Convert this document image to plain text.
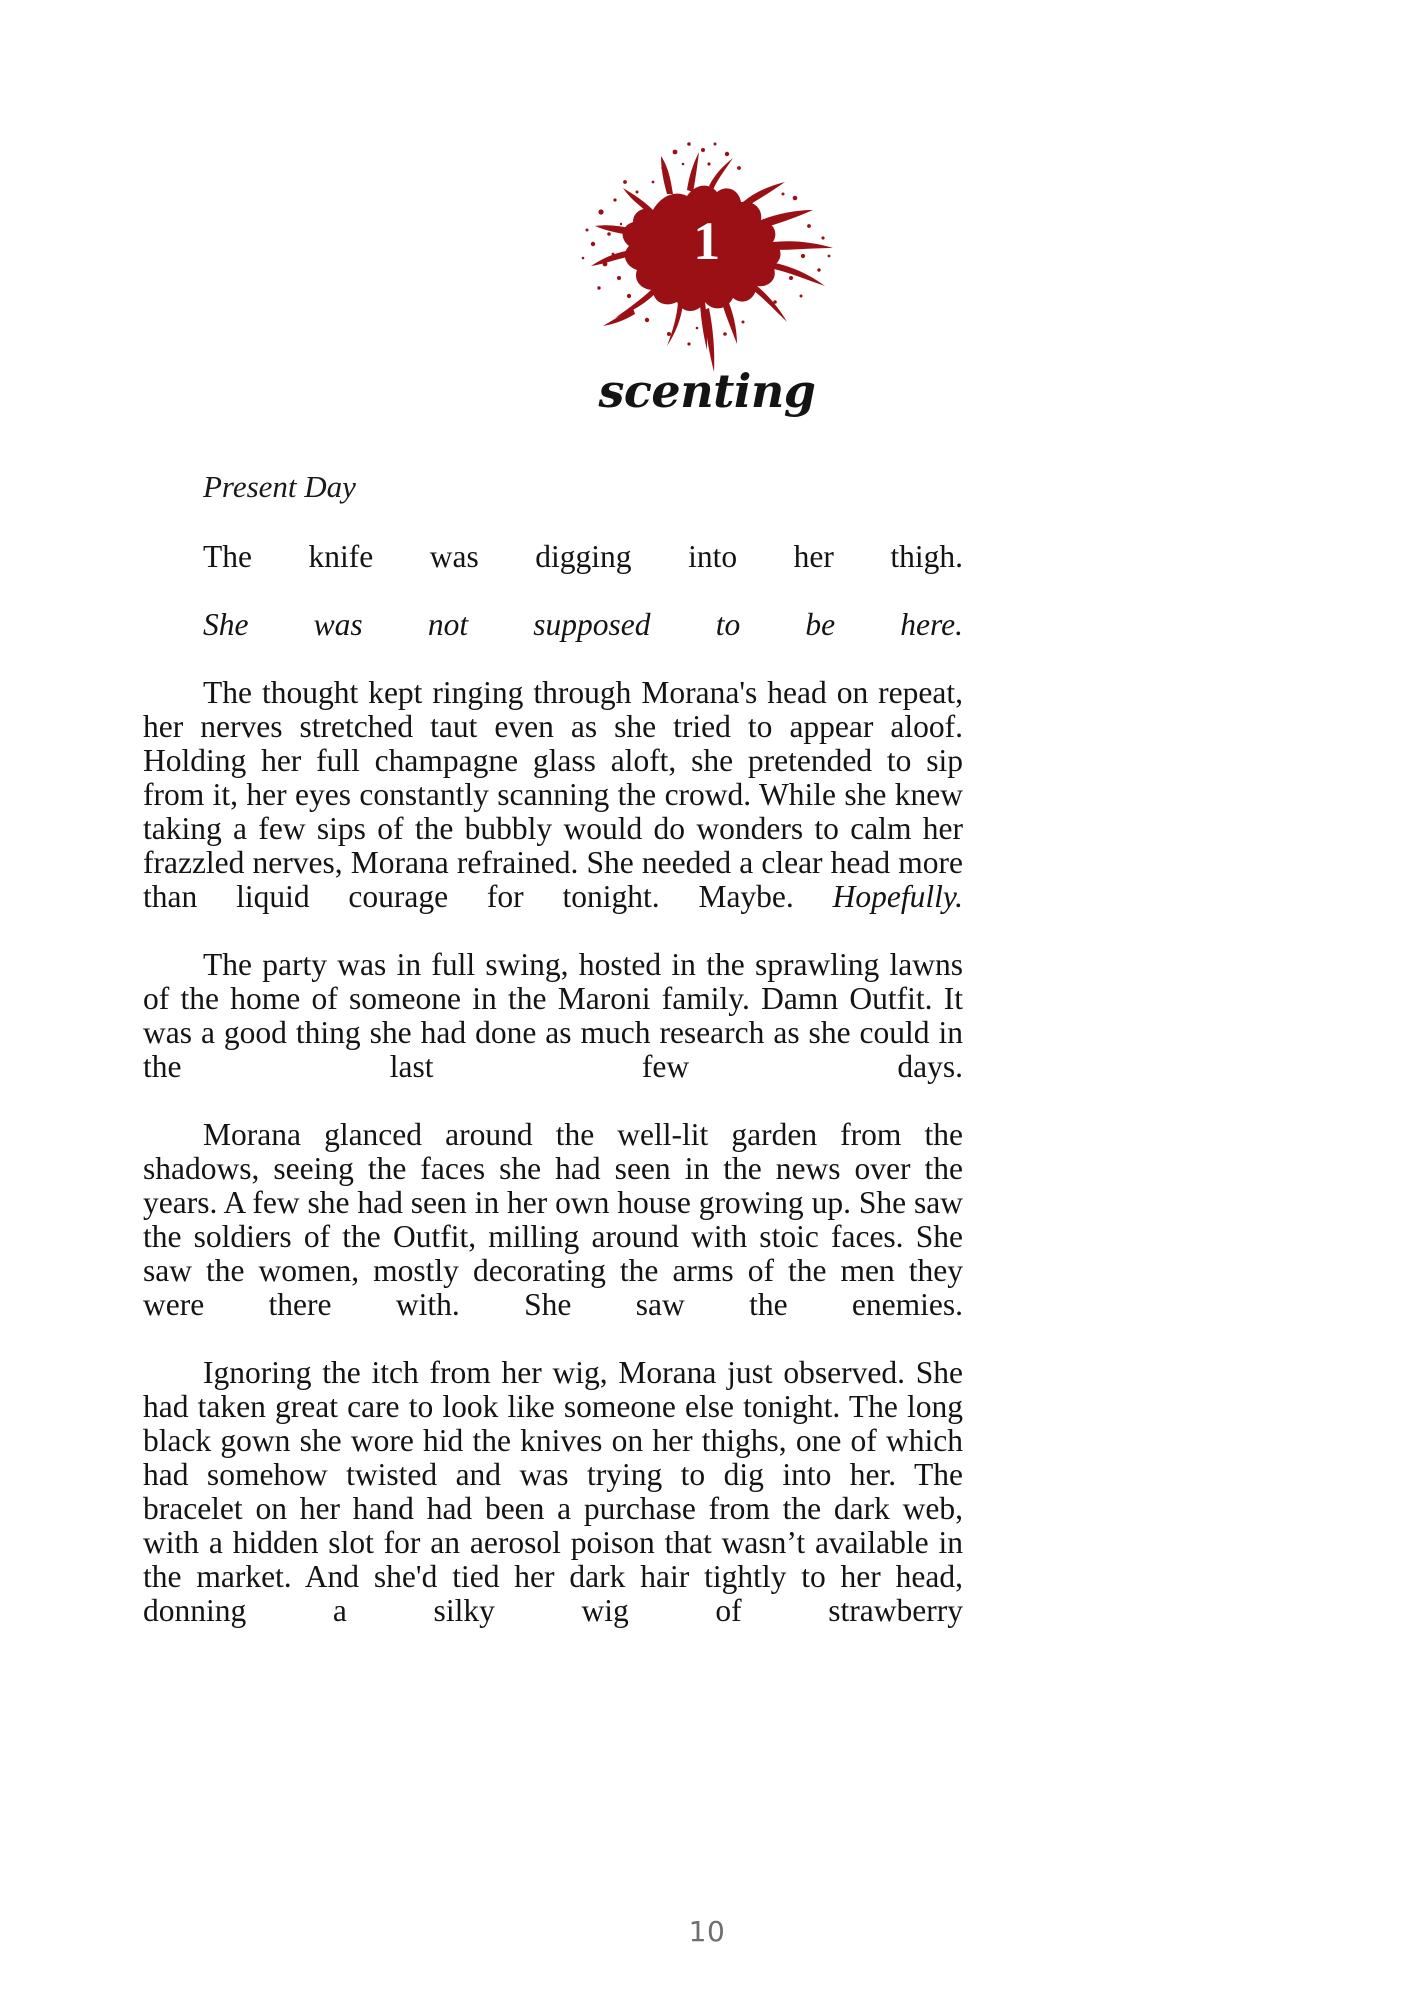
1
scenting
Present Day

The knife was digging into her thigh.

She was not supposed to be here.

The thought kept ringing through Morana's head on repeat, her nerves stretched taut even as she tried to appear aloof. Holding her full champagne glass aloft, she pretended to sip from it, her eyes constantly scanning the crowd. While she knew taking a few sips of the bubbly would do wonders to calm her frazzled nerves, Morana refrained. She needed a clear head more than liquid courage for tonight. Maybe. Hopefully.

The party was in full swing, hosted in the sprawling lawns of the home of someone in the Maroni family. Damn Outfit. It was a good thing she had done as much research as she could in the last few days.

Morana glanced around the well-lit garden from the shadows, seeing the faces she had seen in the news over the years. A few she had seen in her own house growing up. She saw the soldiers of the Outfit, milling around with stoic faces. She saw the women, mostly decorating the arms of the men they were there with. She saw the enemies.

Ignoring the itch from her wig, Morana just observed. She had taken great care to look like someone else tonight. The long black gown she wore hid the knives on her thighs, one of which had somehow twisted and was trying to dig into her. The bracelet on her hand had been a purchase from the dark web, with a hidden slot for an aerosol poison that wasn’t available in the market. And she'd tied her dark hair tightly to her head, donning a silky wig of strawberry

10
